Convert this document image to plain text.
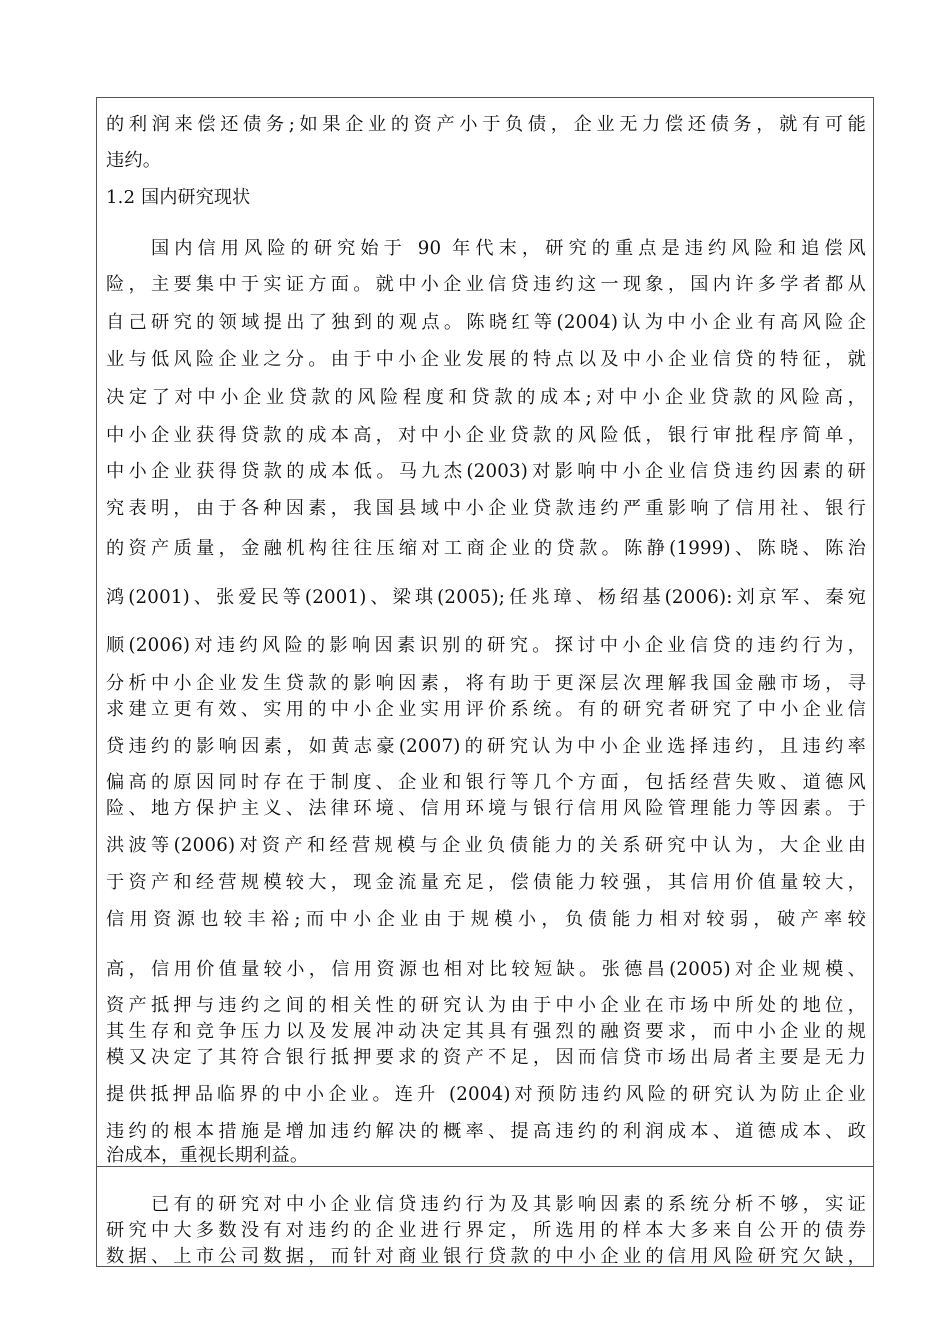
的利润来偿还债务;如果企业的资产小于负债，企业无力偿还债务，就有可能
违约。
1.2 国内研究现状
国内信用风险的研究始于 90 年代末，研究的重点是违约风险和追偿风
险，主要集中于实证方面。就中小企业信贷违约这一现象，国内许多学者都从
自己研究的领域提出了独到的观点。陈晓红等(2004)认为中小企业有高风险企
业与低风险企业之分。由于中小企业发展的特点以及中小企业信贷的特征，就
决定了对中小企业贷款的风险程度和贷款的成本;对中小企业贷款的风险高，
中小企业获得贷款的成本高，对中小企业贷款的风险低，银行审批程序简单，
中小企业获得贷款的成本低。马九杰(2003)对影响中小企业信贷违约因素的研
究表明，由于各种因素，我国县域中小企业贷款违约严重影响了信用社、银行
的资产质量，金融机构往往压缩对工商企业的贷款。陈静(1999)、陈晓、陈治
鸿(2001)、张爱民等(2001)、梁琪(2005);任兆璋、杨绍基(2006):刘京军、秦宛
顺(2006)对违约风险的影响因素识别的研究。探讨中小企业信贷的违约行为，
分析中小企业发生贷款的影响因素，将有助于更深层次理解我国金融市场，寻
求建立更有效、实用的中小企业实用评价系统。有的研究者研究了中小企业信
贷违约的影响因素，如黄志豪(2007)的研究认为中小企业选择违约，且违约率
偏高的原因同时存在于制度、企业和银行等几个方面，包括经营失败、道德风
险、地方保护主义、法律环境、信用环境与银行信用风险管理能力等因素。于
洪波等(2006)对资产和经营规模与企业负债能力的关系研究中认为，大企业由
于资产和经营规模较大，现金流量充足，偿债能力较强，其信用价值量较大，
信用资源也较丰裕;而中小企业由于规模小，负债能力相对较弱，破产率较
高，信用价值量较小，信用资源也相对比较短缺。张德昌(2005)对企业规模、
资产抵押与违约之间的相关性的研究认为由于中小企业在市场中所处的地位，
其生存和竞争压力以及发展冲动决定其具有强烈的融资要求，而中小企业的规
模又决定了其符合银行抵押要求的资产不足，因而信贷市场出局者主要是无力
提供抵押品临界的中小企业。连升 (2004)对预防违约风险的研究认为防止企业
违约的根本措施是增加违约解决的概率、提高违约的利润成本、道德成本、政
治成本，重视长期利益。
已有的研究对中小企业信贷违约行为及其影响因素的系统分析不够，实证
研究中大多数没有对违约的企业进行界定，所选用的样本大多来自公开的债券
数据、上市公司数据，而针对商业银行贷款的中小企业的信用风险研究欠缺，
